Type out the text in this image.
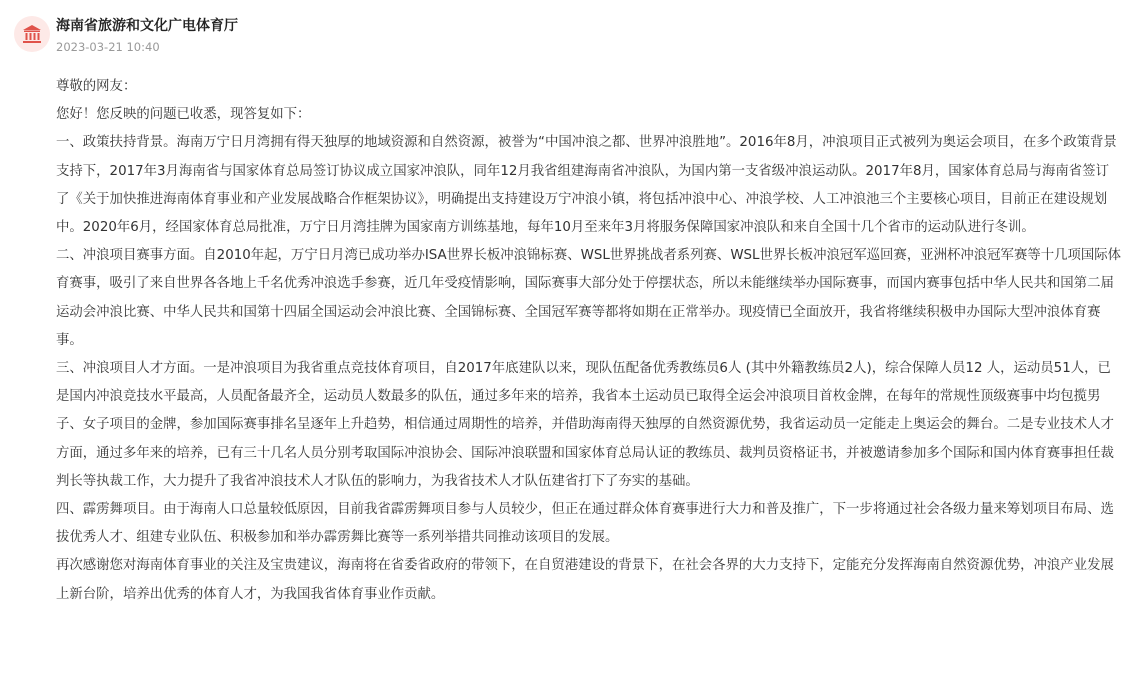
海南省旅游和文化广电体育厅
2023-03-21 10:40

尊敬的网友：

您好！您反映的问题已收悉，现答复如下：

一、政策扶持背景。海南万宁日月湾拥有得天独厚的地域资源和自然资源，被誉为“中国冲浪之都、世界冲浪胜地”。2016年8月，冲浪项目正式被列为奥运会项目，在多个政策背景支持下，2017年3月海南省与国家体育总局签订协议成立国家冲浪队，同年12月我省组建海南省冲浪队，为国内第一支省级冲浪运动队。2017年8月，国家体育总局与海南省签订了《关于加快推进海南体育事业和产业发展战略合作框架协议》，明确提出支持建设万宁冲浪小镇，将包括冲浪中心、冲浪学校、人工冲浪池三个主要核心项目，目前正在建设规划中。2020年6月，经国家体育总局批准，万宁日月湾挂牌为国家南方训练基地，每年10月至来年3月将服务保障国家冲浪队和来自全国十几个省市的运动队进行冬训。

二、冲浪项目赛事方面。自2010年起，万宁日月湾已成功举办ISA世界长板冲浪锦标赛、WSL世界挑战者系列赛、WSL世界长板冲浪冠军巡回赛，亚洲杯冲浪冠军赛等十几项国际体育赛事，吸引了来自世界各各地上千名优秀冲浪选手参赛，近几年受疫情影响，国际赛事大部分处于停摆状态，所以未能继续举办国际赛事，而国内赛事包括中华人民共和国第二届运动会冲浪比赛、中华人民共和国第十四届全国运动会冲浪比赛、全国锦标赛、全国冠军赛等都将如期在正常举办。现疫情已全面放开，我省将继续积极申办国际大型冲浪体育赛事。

三、冲浪项目人才方面。一是冲浪项目为我省重点竞技体育项目，自2017年底建队以来，现队伍配备优秀教练员6人 (其中外籍教练员2人)，综合保障人员12 人，运动员51人，已是国内冲浪竞技水平最高，人员配备最齐全，运动员人数最多的队伍，通过多年来的培养，我省本土运动员已取得全运会冲浪项目首枚金牌，在每年的常规性顶级赛事中均包揽男子、女子项目的金牌，参加国际赛事排名呈逐年上升趋势，相信通过周期性的培养，并借助海南得天独厚的自然资源优势，我省运动员一定能走上奥运会的舞台。二是专业技术人才方面，通过多年来的培养，已有三十几名人员分别考取国际冲浪协会、国际冲浪联盟和国家体育总局认证的教练员、裁判员资格证书，并被邀请参加多个国际和国内体育赛事担任裁判长等执裁工作，大力提升了我省冲浪技术人才队伍的影响力，为我省技术人才队伍建省打下了夯实的基础。

四、霹雳舞项目。由于海南人口总量较低原因，目前我省霹雳舞项目参与人员较少，但正在通过群众体育赛事进行大力和普及推广，下一步将通过社会各级力量来筹划项目布局、选拔优秀人才、组建专业队伍、积极参加和举办霹雳舞比赛等一系列举措共同推动该项目的发展。

再次感谢您对海南体育事业的关注及宝贵建议，海南将在省委省政府的带领下，在自贸港建设的背景下，在社会各界的大力支持下，定能充分发挥海南自然资源优势，冲浪产业发展上新台阶，培养出优秀的体育人才，为我国我省体育事业作贡献。
